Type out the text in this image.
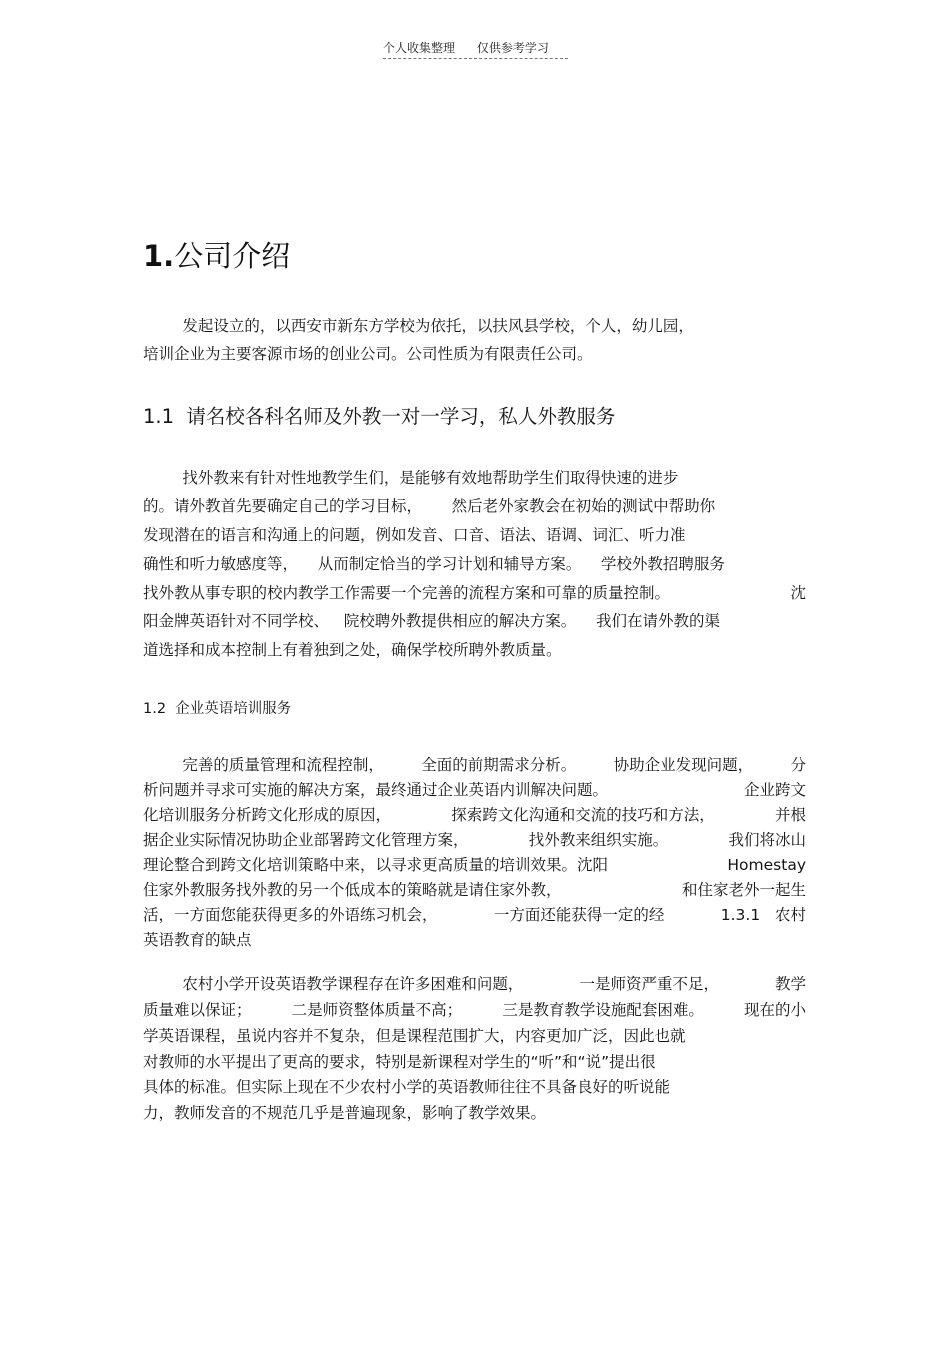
个人收集整理 仅供参考学习
1.公司介绍
发起设立的，以西安市新东方学校为依托，以扶风县学校，个人，幼儿园，
培训企业为主要客源市场的创业公司。公司性质为有限责任公司。
1.1  请名校各科名师及外教一对一学习，私人外教服务
找外教来有针对性地教学生们，是能够有效地帮助学生们取得快速的进步
的。请外教首先要确定自己的学习目标，      然后老外家教会在初始的测试中帮助你
发现潜在的语言和沟通上的问题，例如发音、口音、语法、语调、词汇、听力准
确性和听力敏感度等，    从而制定恰当的学习计划和辅导方案。    学校外教招聘服务
找外教从事专职的校内教学工作需要一个完善的流程方案和可靠的质量控制。	沈
阳金牌英语针对不同学校、   院校聘外教提供相应的解决方案。    我们在请外教的渠
道选择和成本控制上有着独到之处，确保学校所聘外教质量。
1.2  企业英语培训服务
完善的质量管理和流程控制， 全面的前期需求分析。 协助企业发现问题， 分
析问题并寻求可实施的解决方案，最终通过企业英语内训解决问题。	企业跨文
化培训服务分析跨文化形成的原因，	探索跨文化沟通和交流的技巧和方法，	并根
据企业实际情况协助企业部署跨文化管理方案，	找外教来组织实施。	我们将冰山
理论整合到跨文化培训策略中来，以寻求更高质量的培训效果。沈阳	Homestay
住家外教服务找外教的另一个低成本的策略就是请住家外教，	和住家老外一起生
活，一方面您能获得更多的外语练习机会，	一方面还能获得一定的经	1.3.1   农村
英语教育的缺点
农村小学开设英语教学课程存在许多困难和问题，	一是师资严重不足，	教学
质量难以保证；	二是师资整体质量不高；	三是教育教学设施配套困难。	现在的小
学英语课程，虽说内容并不复杂，但是课程范围扩大，内容更加广泛，因此也就
对教师的水平提出了更高的要求，特别是新课程对学生的“听”和“说”提出很
具体的标准。但实际上现在不少农村小学的英语教师往往不具备良好的听说能
力，教师发音的不规范几乎是普遍现象，影响了教学效果。
